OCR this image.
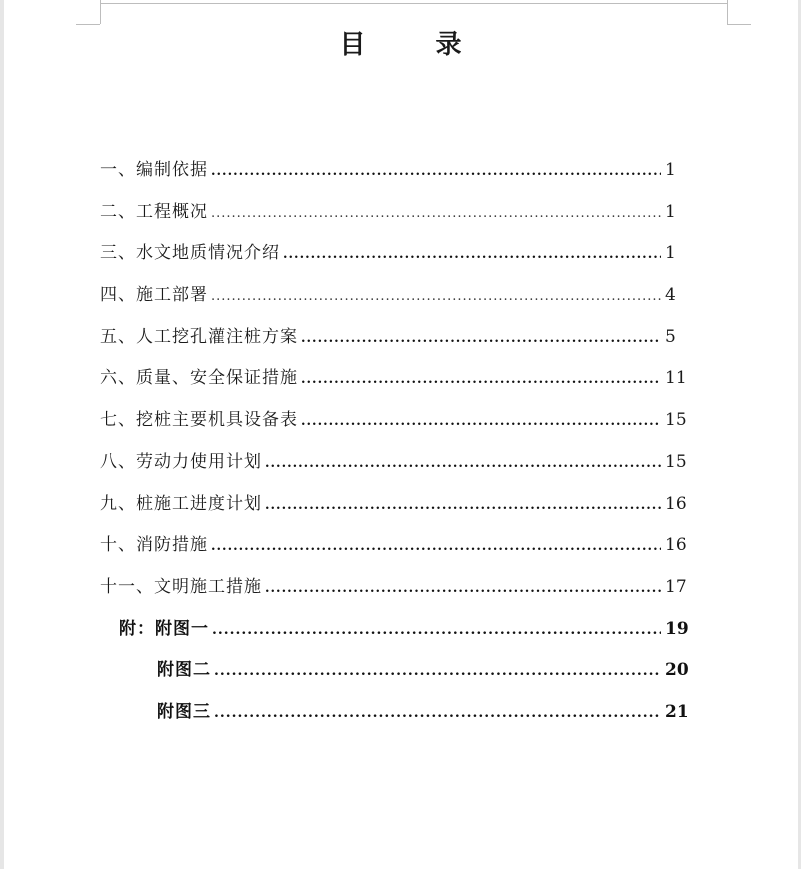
目　录
一、编制依据 .....	1
二、工程概况 .....	1
三、水文地质情况介绍 .....	1
四、施工部署 .....	4
五、人工挖孔灌注桩方案 .....	5
六、质量、安全保证措施 .....	11
七、挖桩主要机具设备表 .....	15
八、劳动力使用计划 .....	15
九、桩施工进度计划 .....	16
十、消防措施 .....	16
十一、文明施工措施 .....	17
附：附图一 .....	19
附图二 .....	20
附图三 .....	21
